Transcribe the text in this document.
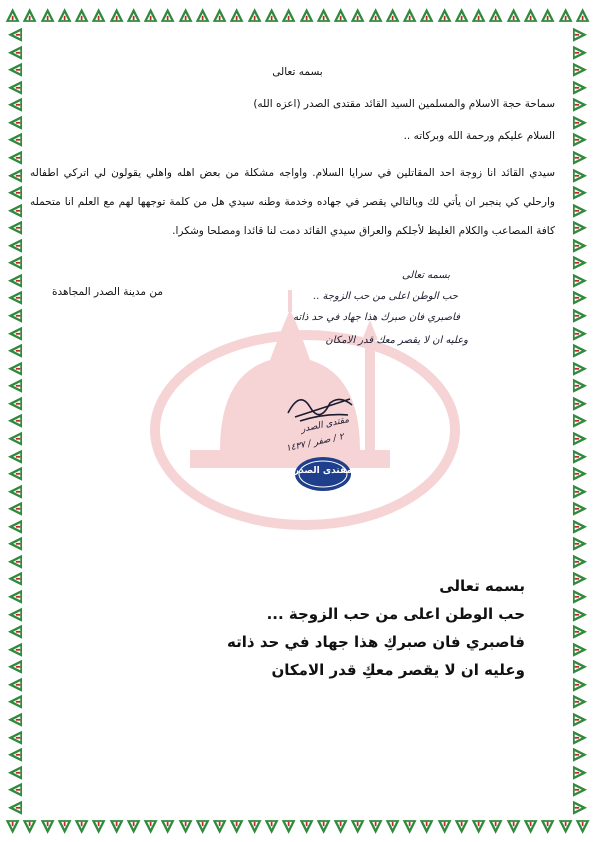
بسمه تعالى
سماحة حجة الاسلام والمسلمين السيد القائد مقتدى الصدر (اعزه الله)
السلام عليكم ورحمة الله وبركاته ..
سيدي القائد انا زوجة احد المقاتلين في سرايا السلام. واواجه مشكلة من بعض اهله واهلي يقولون لي اتركي اطفاله وارحلي كي ينجبر ان يأتي لك وبالتالي يقصر في جهاده وخدمة وطنه سيدي هل من كلمة توجهها لهم مع العلم انا متحمله كافة المصاعب والكلام الغليظ لأجلكم والعراق سيدي القائد دمت لنا قائدا ومصلحا وشكرا.
من مدينة الصدر المجاهدة
بسمه تعالى
حب الوطن اعلى من حب الزوجة ..
فاصبري فان صبرك هذا جهاد في حد ذاته
وعليه ان لا يقصر معك قدر الامكان
مقتدى الصدر
٢ / صفر / ١٤٣٧
مقتدى الصدر
بسمه تعالى
حب الوطن اعلى من حب الزوجة ...
فاصبري فان صبركِ هذا جهاد في حد ذاته
وعليه ان لا يقصر معكِ قدر الامكان
